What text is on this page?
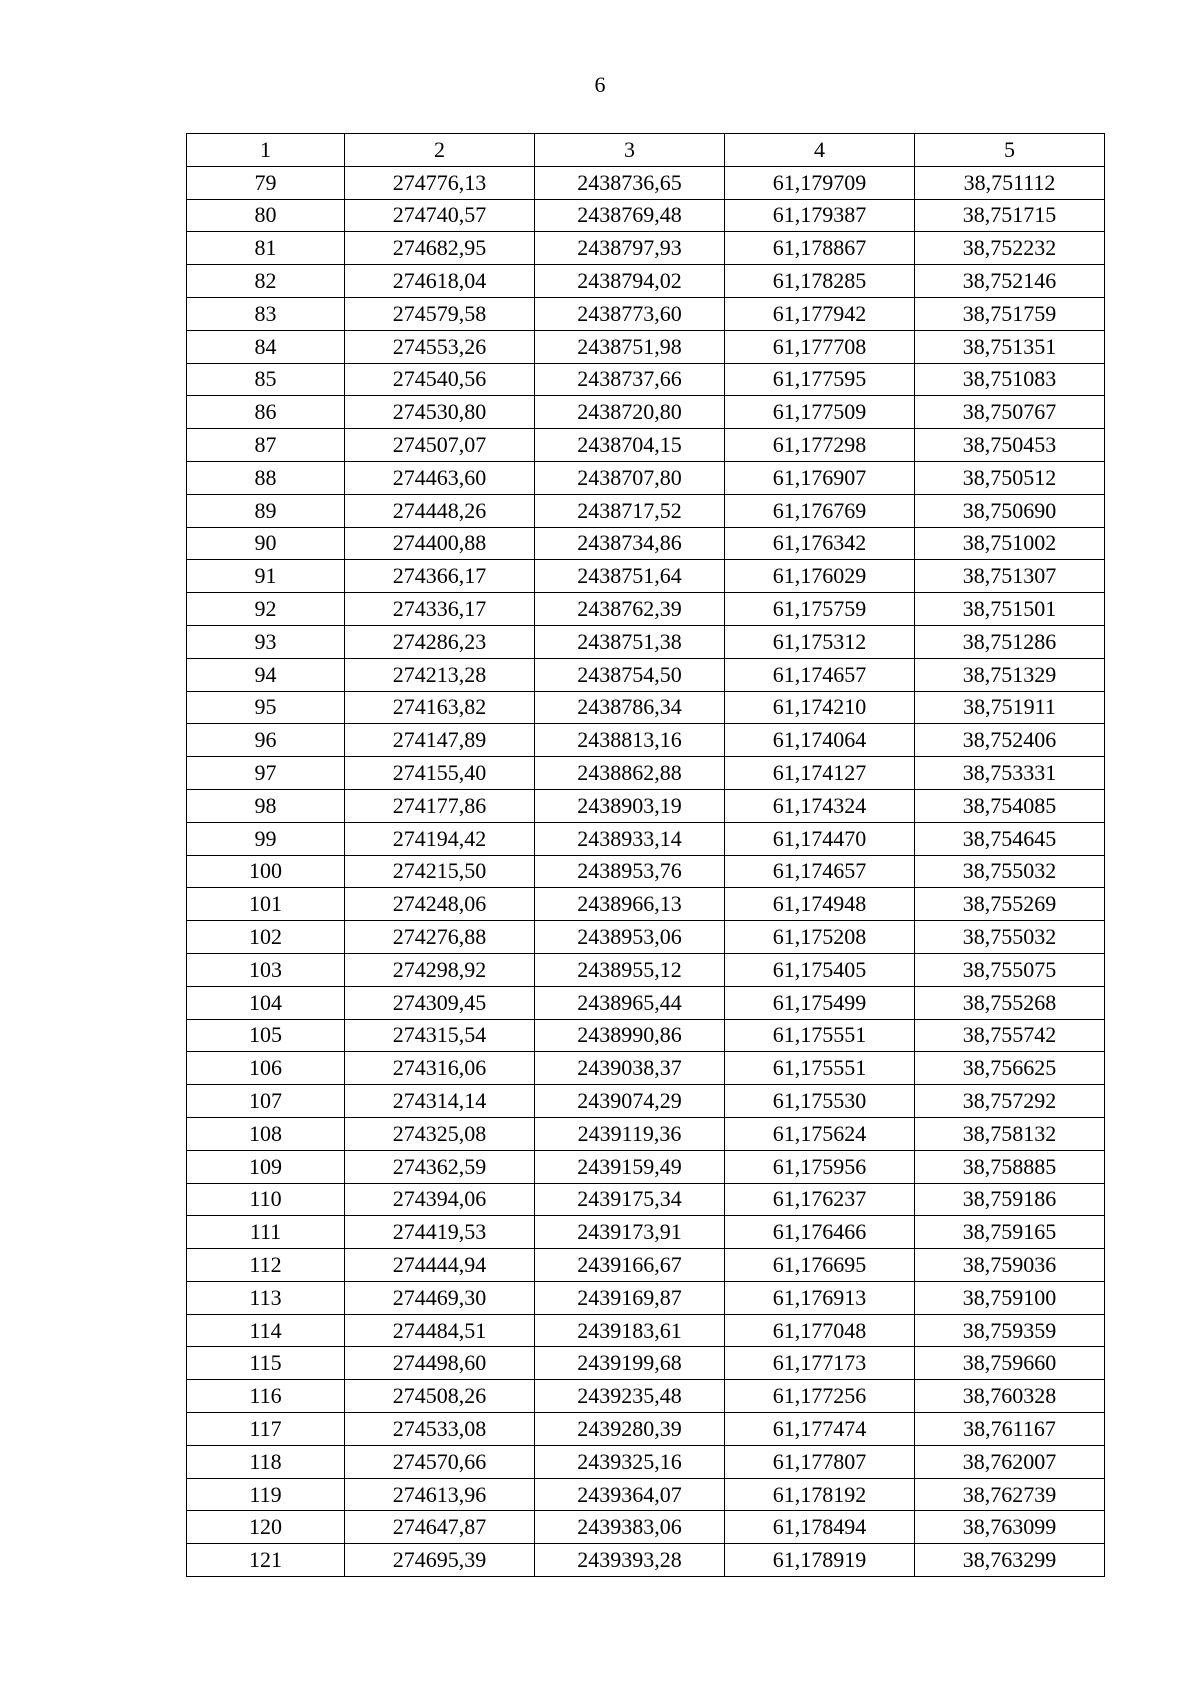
6
1	2	3	4	5
79	274776,13	2438736,65	61,179709	38,751112
80	274740,57	2438769,48	61,179387	38,751715
81	274682,95	2438797,93	61,178867	38,752232
82	274618,04	2438794,02	61,178285	38,752146
83	274579,58	2438773,60	61,177942	38,751759
84	274553,26	2438751,98	61,177708	38,751351
85	274540,56	2438737,66	61,177595	38,751083
86	274530,80	2438720,80	61,177509	38,750767
87	274507,07	2438704,15	61,177298	38,750453
88	274463,60	2438707,80	61,176907	38,750512
89	274448,26	2438717,52	61,176769	38,750690
90	274400,88	2438734,86	61,176342	38,751002
91	274366,17	2438751,64	61,176029	38,751307
92	274336,17	2438762,39	61,175759	38,751501
93	274286,23	2438751,38	61,175312	38,751286
94	274213,28	2438754,50	61,174657	38,751329
95	274163,82	2438786,34	61,174210	38,751911
96	274147,89	2438813,16	61,174064	38,752406
97	274155,40	2438862,88	61,174127	38,753331
98	274177,86	2438903,19	61,174324	38,754085
99	274194,42	2438933,14	61,174470	38,754645
100	274215,50	2438953,76	61,174657	38,755032
101	274248,06	2438966,13	61,174948	38,755269
102	274276,88	2438953,06	61,175208	38,755032
103	274298,92	2438955,12	61,175405	38,755075
104	274309,45	2438965,44	61,175499	38,755268
105	274315,54	2438990,86	61,175551	38,755742
106	274316,06	2439038,37	61,175551	38,756625
107	274314,14	2439074,29	61,175530	38,757292
108	274325,08	2439119,36	61,175624	38,758132
109	274362,59	2439159,49	61,175956	38,758885
110	274394,06	2439175,34	61,176237	38,759186
111	274419,53	2439173,91	61,176466	38,759165
112	274444,94	2439166,67	61,176695	38,759036
113	274469,30	2439169,87	61,176913	38,759100
114	274484,51	2439183,61	61,177048	38,759359
115	274498,60	2439199,68	61,177173	38,759660
116	274508,26	2439235,48	61,177256	38,760328
117	274533,08	2439280,39	61,177474	38,761167
118	274570,66	2439325,16	61,177807	38,762007
119	274613,96	2439364,07	61,178192	38,762739
120	274647,87	2439383,06	61,178494	38,763099
121	274695,39	2439393,28	61,178919	38,763299
